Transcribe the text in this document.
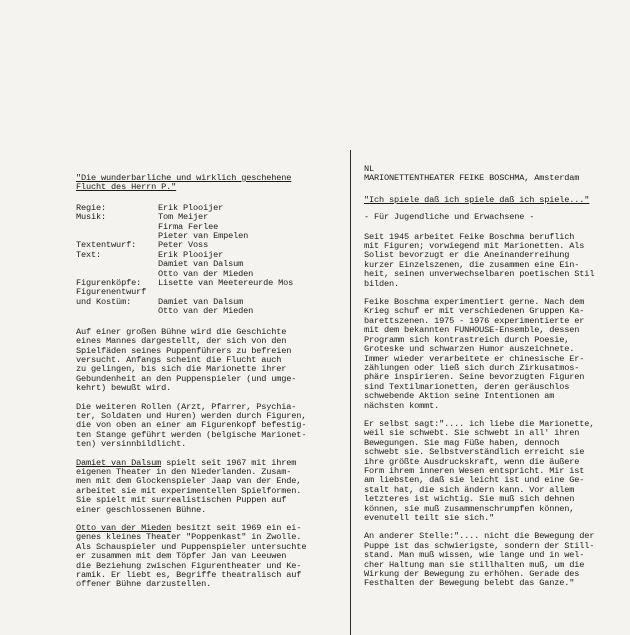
"Die wunderbarliche und wirklich geschehene
Flucht des Herrn P."
Regie:	Erik Plooijer
Musik:	Tom Meijer
Firma Ferlee
Pieter van Empelen
Textentwurf:	Peter Voss
Text:	Erik Plooijer
Damiet van Dalsum
Otto van der Mieden
Figurenköpfe:	Lisette van Meetereurde Mos
Figurenentwurf
und Kostüm:	
Damiet van Dalsum
Otto van der Mieden

Auf einer großen Bühne wird die Geschichte
eines Mannes dargestellt, der sich von den
Spielfäden seines Puppenführers zu befreien
versucht. Anfangs scheint die Flucht auch
zu gelingen, bis sich die Marionette ihrer
Gebundenheit an den Puppenspieler (und umge-
kehrt) bewußt wird.

Die weiteren Rollen (Arzt, Pfarrer, Psychia-
ter, Soldaten und Huren) werden durch Figuren,
die von oben an einer am Figurenkopf befestig-
ten Stange geführt werden (belgische Marionet-
ten) versinnbildlicht.

Damiet van Dalsum spielt seit 1967 mit ihrem
eigenen Theater in den Niederlanden. Zusam-
men mit dem Glockenspieler Jaap van der Ende,
arbeitet sie mit experimentellen Spielformen.
Sie spielt mit surrealistischen Puppen auf
einer geschlossenen Bühne.

Otto van der Mieden besitzt seit 1969 ein ei-
genes kleines Theater "Poppenkast" in Zwolle.
Als Schauspieler und Puppenspieler untersuchte
er zusammen mit dem Töpfer Jan van Leeuwen
die Beziehung zwischen Figurentheater und Ke-
ramik. Er liebt es, Begriffe theatralisch auf
offener Bühne darzustellen.

NL
MARIONETTENTHEATER FEIKE BOSCHMA, Amsterdam
"Ich spiele daß ich spiele daß ich spiele..."
- Für Jugendliche und Erwachsene -

Seit 1945 arbeitet Feike Boschma beruflich
mit Figuren; vorwiegend mit Marionetten. Als
Solist bevorzugt er die Aneinanderreihung
kurzer Einzelszenen, die zusammen eine Ein-
heit, seinen unverwechselbaren poetischen Stil
bilden.

Feike Boschma experimentiert gerne. Nach dem
Krieg schuf er mit verschiedenen Gruppen Ka-
barettszenen. 1975 - 1976 experimentierte er
mit dem bekannten FUNHOUSE-Ensemble, dessen
Programm sich kontrastreich durch Poesie,
Groteske und schwarzen Humor auszeichnete.
Immer wieder verarbeitete er chinesische Er-
zählungen oder ließ sich durch Zirkusatmos-
phäre inspirieren. Seine bevorzugten Figuren
sind Textilmarionetten, deren geräuschlos
schwebende Aktion seine Intentionen am
nächsten kommt.

Er selbst sagt:".... ich liebe die Marionette,
weil sie schwebt. Sie schwebt in all' ihren
Bewegungen. Sie mag Füße haben, dennoch
schwebt sie. Selbstverständlich erreicht sie
ihre größte Ausdruckskraft, wenn die äußere
Form ihrem inneren Wesen entspricht. Mir ist
am liebsten, daß sie leicht ist und eine Ge-
stalt hat, die sich ändern kann. Vor allem
letzteres ist wichtig. Sie muß sich dehnen
können, sie muß zusammenschrumpfen können,
evenutell teilt sie sich."

An anderer Stelle:".... nicht die Bewegung der
Puppe ist das schwierigste, sondern der Still-
stand. Man muß wissen, wie lange und in wel-
cher Haltung man sie stillhalten muß, um die
Wirkung der Bewegung zu erhöhen. Gerade des
Festhalten der Bewegung belebt das Ganze."
